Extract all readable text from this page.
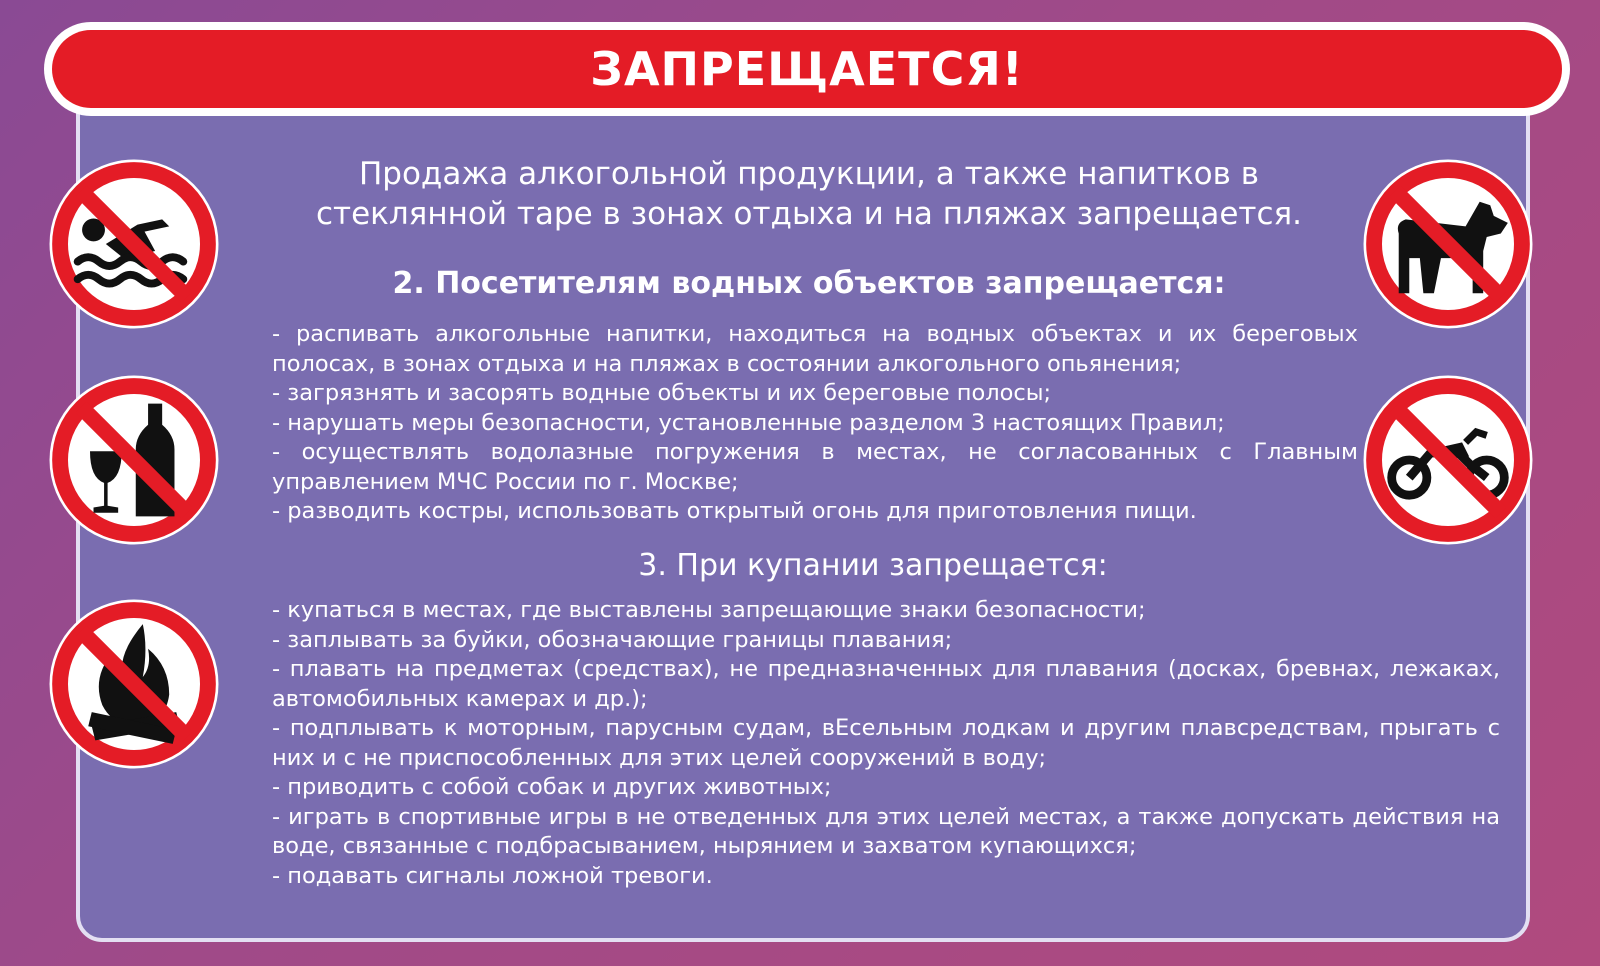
ЗАПРЕЩАЕТСЯ!
Продажа алкогольной продукции, а также напитков в стеклянной таре в зонах отдыха и на пляжах запрещается.
2. Посетителям водных объектов запрещается:
- распивать алкогольные напитки, находиться на водных объектах и их береговых полосах, в зонах отдыха и на пляжах в состоянии алкогольного опьянения;
- загрязнять и засорять водные объекты и их береговые полосы;
- нарушать меры безопасности, установленные разделом 3 настоящих Правил;
- осуществлять водолазные погружения в местах, не согласованных с Главным управлением МЧС России по г. Москве;
- разводить костры, использовать открытый огонь для приготовления пищи.
3. При купании запрещается:
- купаться в местах, где выставлены запрещающие знаки безопасности;
- заплывать за буйки, обозначающие границы плавания;
- плавать на предметах (средствах), не предназначенных для плавания (досках, бревнах, лежаках, автомобильных камерах и др.);
- подплывать к моторным, парусным судам, вЕсельным лодкам и другим плавсредствам, прыгать с них и с не приспособленных для этих целей сооружений в воду;
- приводить с собой собак и других животных;
- играть в спортивные игры в не отведенных для этих целей местах, а также допускать действия на воде, связанные с подбрасыванием, нырянием и захватом купающихся;
- подавать сигналы ложной тревоги.
